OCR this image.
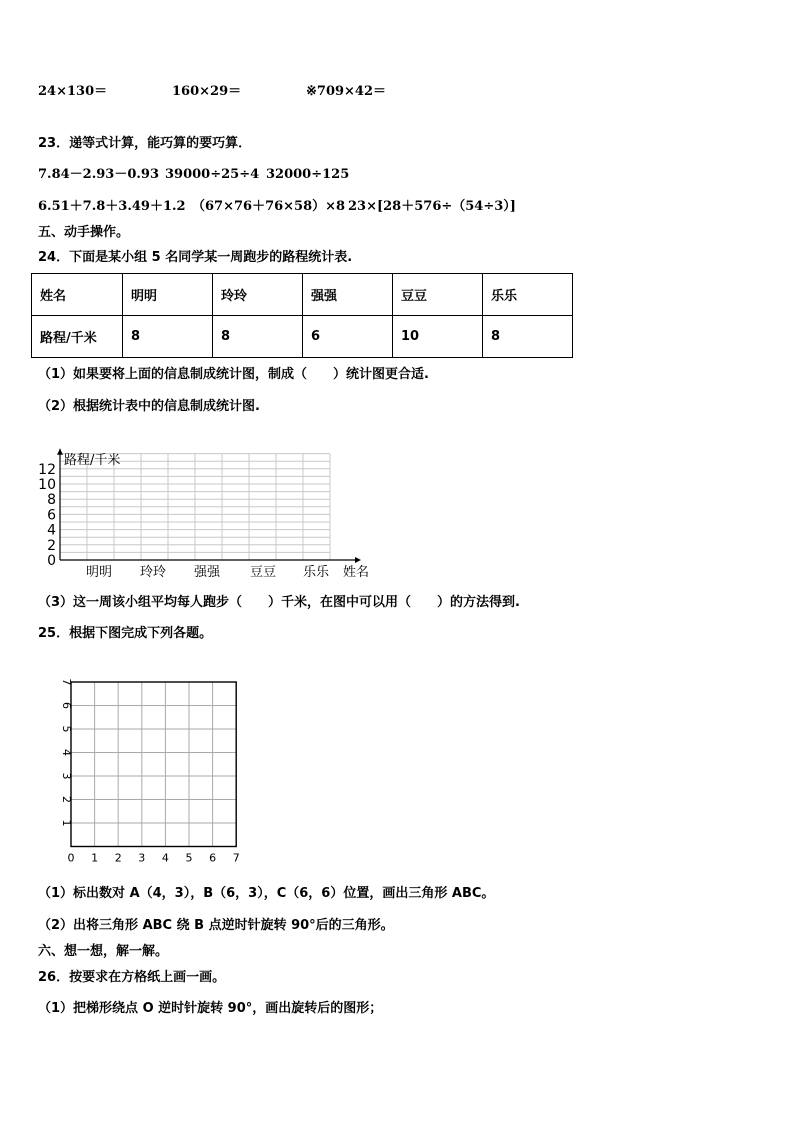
24×130＝	160×29＝	※709×42＝
23．递等式计算，能巧算的要巧算．
7.84－2.93－0.93 39000÷25÷4 32000÷125
6.51＋7.8＋3.49＋1.2 （67×76＋76×58）×8 23×[28＋576÷（54÷3）]
五、动手操作。
24．下面是某小组 5 名同学某一周跑步的路程统计表.
姓名	明明	玲玲	强强	豆豆	乐乐
路程/千米	8	8	6	10	8
（1）如果要将上面的信息制成统计图，制成（　　）统计图更合适.
（2）根据统计表中的信息制成统计图.
0
2
4
6
8
10
12
路程/千米
明明 玲玲 强强 豆豆 乐乐 姓名
（3）这一周该小组平均每人跑步（　　）千米，在图中可以用（　　）的方法得到.
25．根据下图完成下列各题。
0 1 2 3 4 5 6 7
1
2
3
4
5
6
7
（1）标出数对 A（4，3），B（6，3），C（6，6）位置，画出三角形 ABC。
（2）出将三角形 ABC 绕 B 点逆时针旋转 90°后的三角形。
六、想一想，解一解。
26．按要求在方格纸上画一画。
（1）把梯形绕点 O 逆时针旋转 90°，画出旋转后的图形；
